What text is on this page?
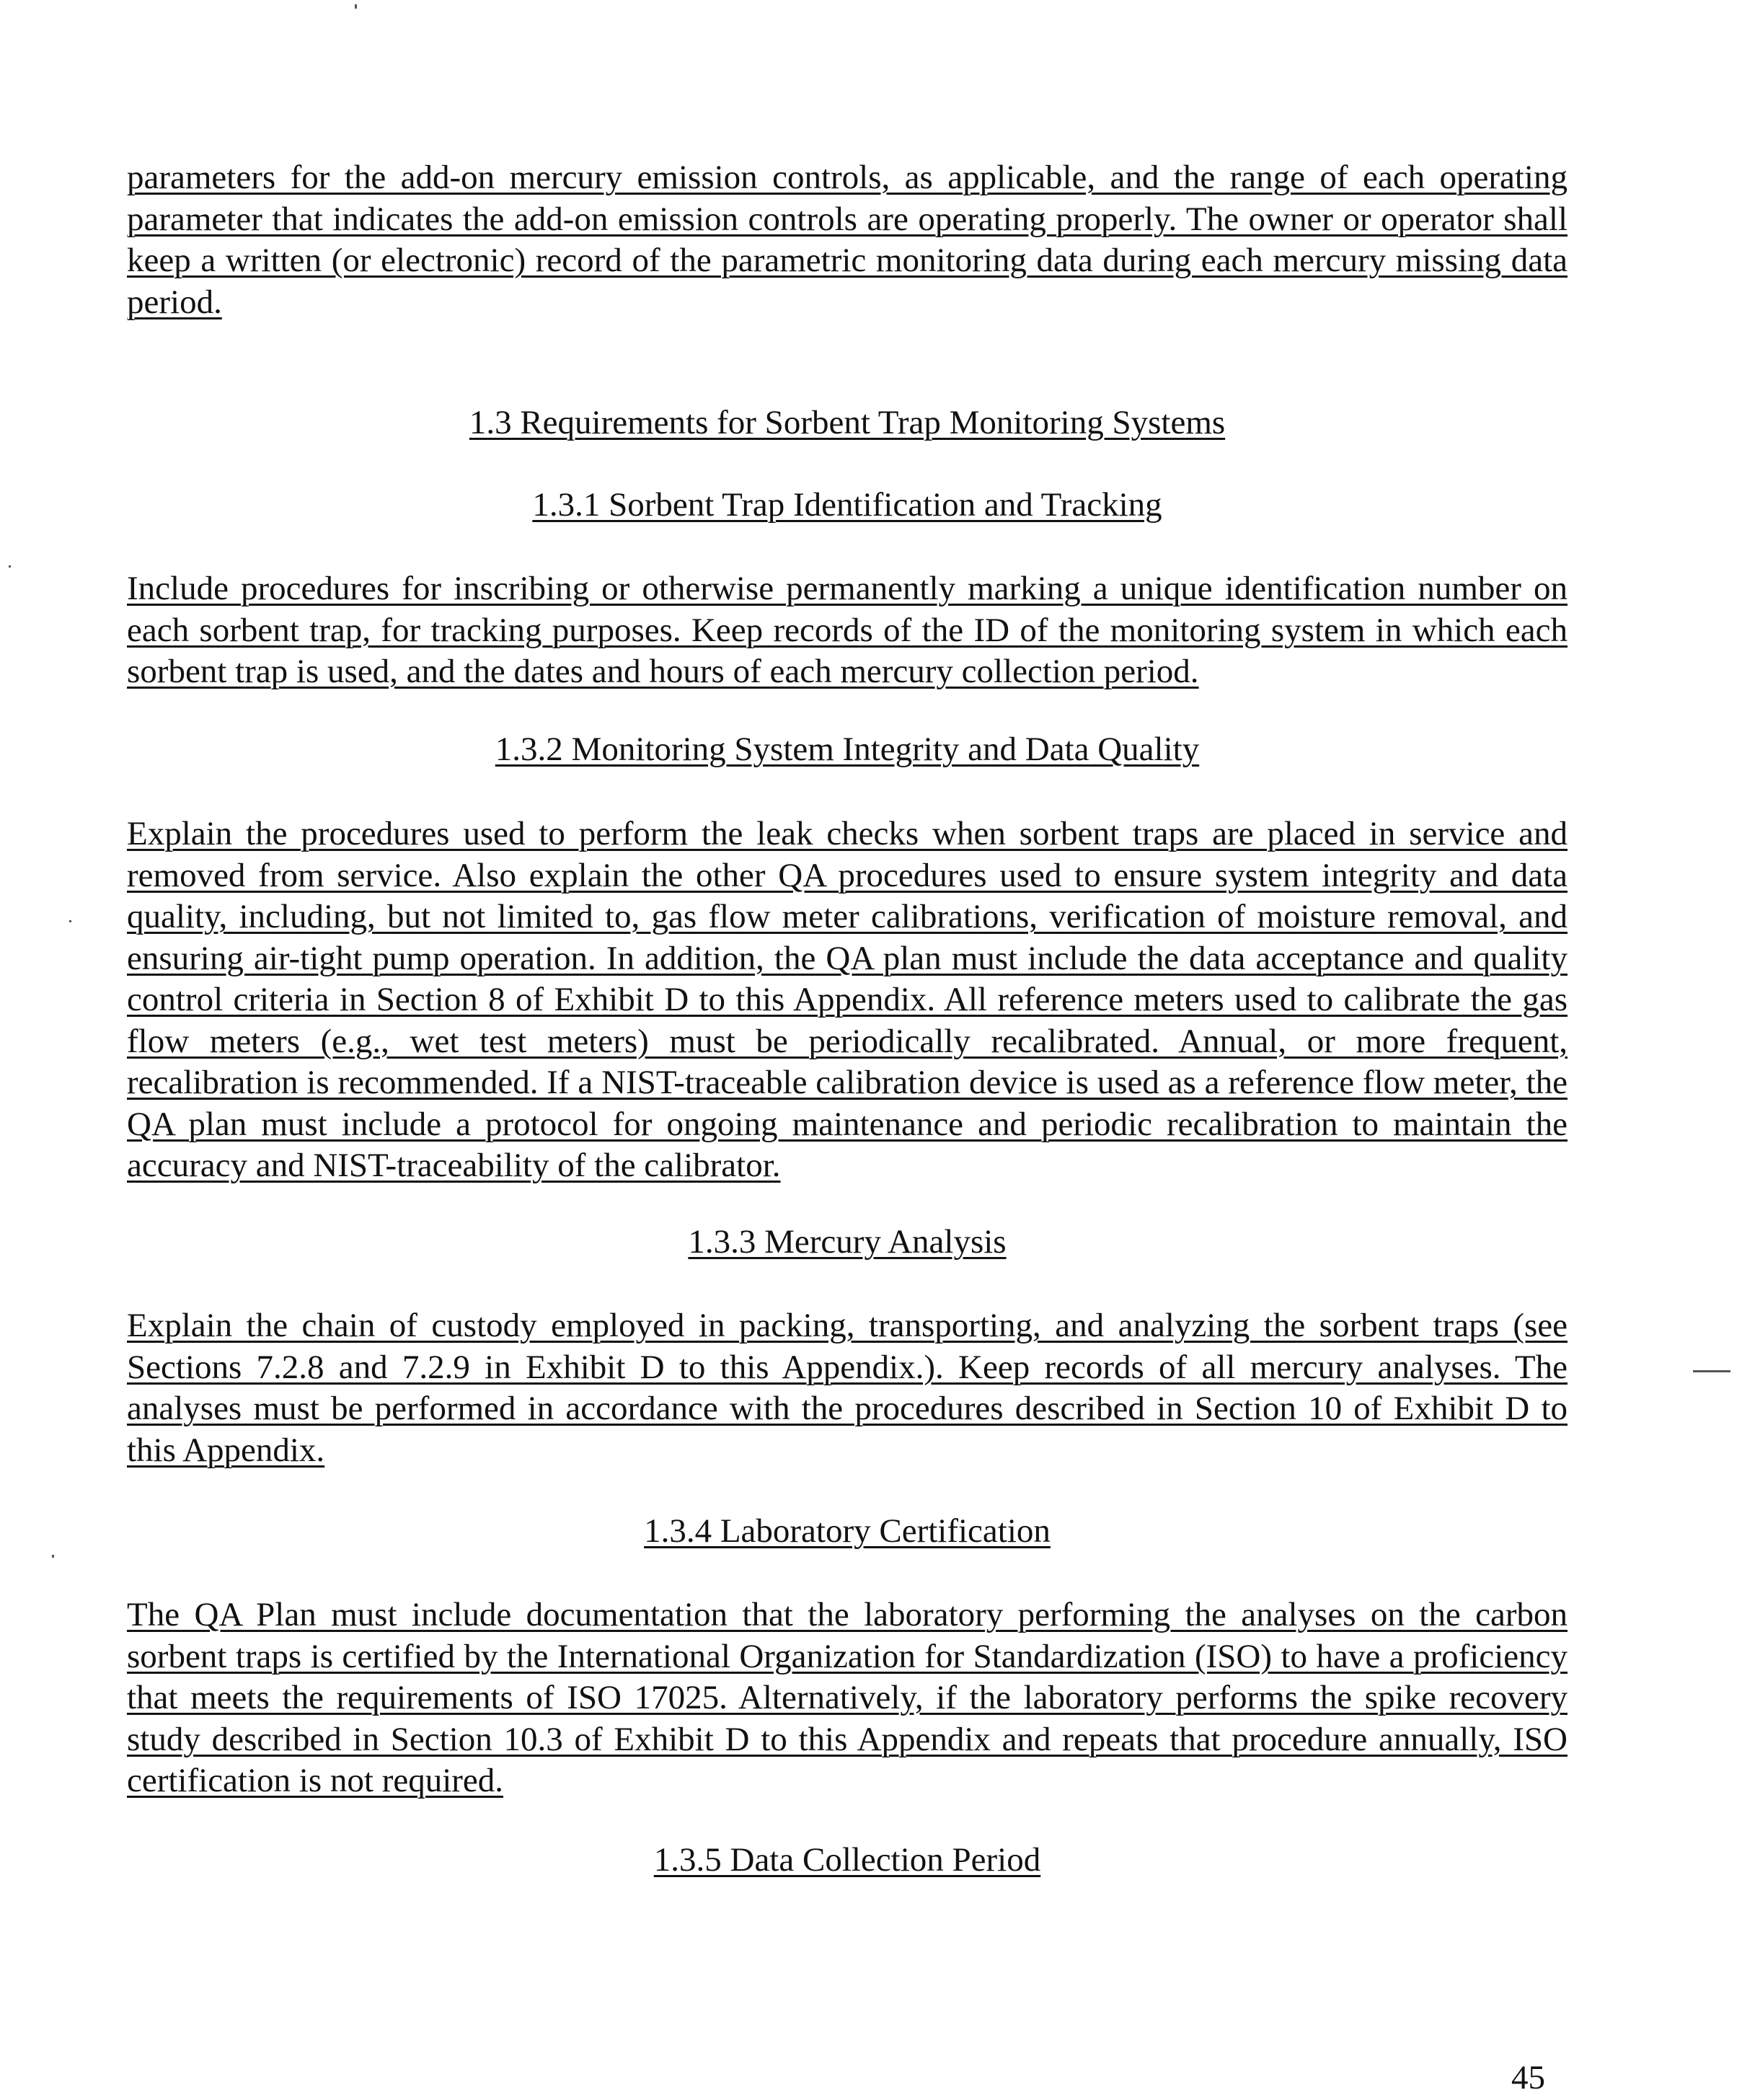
parameters for the add-on mercury emission controls, as applicable, and the range of each operating parameter that indicates the add-on emission controls are operating properly. The owner or operator shall keep a written (or electronic) record of the parametric monitoring data during each mercury missing data period.

1.3 Requirements for Sorbent Trap Monitoring Systems
1.3.1 Sorbent Trap Identification and Tracking

Include procedures for inscribing or otherwise permanently marking a unique identification number on each sorbent trap, for tracking purposes. Keep records of the ID of the monitoring system in which each sorbent trap is used, and the dates and hours of each mercury collection period.

1.3.2 Monitoring System Integrity and Data Quality

Explain the procedures used to perform the leak checks when sorbent traps are placed in service and removed from service. Also explain the other QA procedures used to ensure system integrity and data quality, including, but not limited to, gas flow meter calibrations, verification of moisture removal, and ensuring air-tight pump operation. In addition, the QA plan must include the data acceptance and quality control criteria in Section 8 of Exhibit D to this Appendix. All reference meters used to calibrate the gas flow meters (e.g., wet test meters) must be periodically recalibrated. Annual, or more frequent, recalibration is recommended. If a NIST-traceable calibration device is used as a reference flow meter, the QA plan must include a protocol for ongoing maintenance and periodic recalibration to maintain the accuracy and NIST-traceability of the calibrator.

1.3.3 Mercury Analysis

Explain the chain of custody employed in packing, transporting, and analyzing the sorbent traps (see Sections 7.2.8 and 7.2.9 in Exhibit D to this Appendix.). Keep records of all mercury analyses. The analyses must be performed in accordance with the procedures described in Section 10 of Exhibit D to this Appendix.

1.3.4 Laboratory Certification

The QA Plan must include documentation that the laboratory performing the analyses on the carbon sorbent traps is certified by the International Organization for Standardization (ISO) to have a proficiency that meets the requirements of ISO 17025. Alternatively, if the laboratory performs the spike recovery study described in Section 10.3 of Exhibit D to this Appendix and repeats that procedure annually, ISO certification is not required.

1.3.5 Data Collection Period
45
